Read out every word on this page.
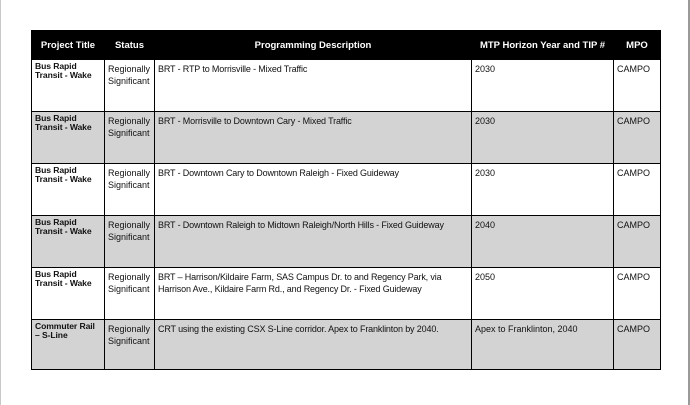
Project Title	Status	Programming Description	MTP Horizon Year and TIP #	MPO

Bus Rapid Transit - Wake	Regionally Significant	BRT - RTP to Morrisville - Mixed Traffic	2030	CAMPO

Bus Rapid Transit - Wake	Regionally Significant	BRT - Morrisville to Downtown Cary - Mixed Traffic	2030	CAMPO

Bus Rapid Transit - Wake	Regionally Significant	BRT - Downtown Cary to Downtown Raleigh - Fixed Guideway	2030	CAMPO

Bus Rapid Transit - Wake	Regionally Significant	BRT - Downtown Raleigh to Midtown Raleigh/North Hills - Fixed Guideway	2040	CAMPO

Bus Rapid Transit - Wake	Regionally Significant	BRT – Harrison/Kildaire Farm, SAS Campus Dr. to and Regency Park, via Harrison Ave., Kildaire Farm Rd., and Regency Dr. - Fixed Guideway	2050	CAMPO

Commuter Rail – S-Line	Regionally Significant	CRT using the existing CSX S-Line corridor. Apex to Franklinton by 2040.	Apex to Franklinton, 2040	CAMPO
